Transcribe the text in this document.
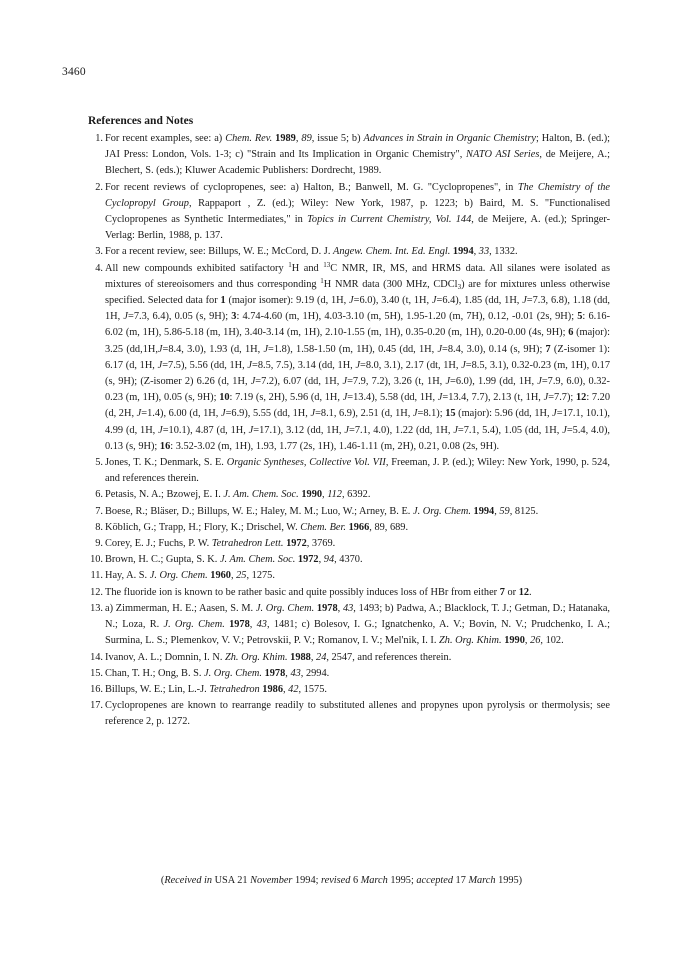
3460
References and Notes
1. For recent examples, see: a) Chem. Rev. 1989, 89, issue 5; b) Advances in Strain in Organic Chemistry; Halton, B. (ed.); JAI Press: London, Vols. 1-3; c) "Strain and Its Implication in Organic Chemistry", NATO ASI Series, de Meijere, A.; Blechert, S. (eds.); Kluwer Academic Publishers: Dordrecht, 1989.
2. For recent reviews of cyclopropenes, see: a) Halton, B.; Banwell, M. G. "Cyclopropenes", in The Chemistry of the Cyclopropyl Group, Rappaport , Z. (ed.); Wiley: New York, 1987, p. 1223; b) Baird, M. S. "Functionalised Cyclopropenes as Synthetic Intermediates," in Topics in Current Chemistry, Vol. 144, de Meijere, A. (ed.); Springer-Verlag: Berlin, 1988, p. 137.
3. For a recent review, see: Billups, W. E.; McCord, D. J. Angew. Chem. Int. Ed. Engl. 1994, 33, 1332.
4. All new compounds exhibited satifactory $^1$H and $^{13}$C NMR, IR, MS, and HRMS data. All silanes were isolated as mixtures of stereoisomers and thus corresponding $^1$H NMR data (300 MHz, CDCl$_3$) are for mixtures unless otherwise specified. Selected data for 1 (major isomer): 9.19 (d, 1H, J=6.0), 3.40 (t, 1H, J=6.4), 1.85 (dd, 1H, J=7.3, 6.8), 1.18 (dd, 1H, J=7.3, 6.4), 0.05 (s, 9H); 3: 4.74-4.60 (m, 1H), 4.03-3.10 (m, 5H), 1.95-1.20 (m, 7H), 0.12, -0.01 (2s, 9H); 5: 6.16-6.02 (m, 1H), 5.86-5.18 (m, 1H), 3.40-3.14 (m, 1H), 2.10-1.55 (m, 1H), 0.35-0.20 (m, 1H), 0.20-0.00 (4s, 9H); 6 (major): 3.25 (dd,1H,J=8.4, 3.0), 1.93 (d, 1H, J=1.8), 1.58-1.50 (m, 1H), 0.45 (dd, 1H, J=8.4, 3.0), 0.14 (s, 9H); 7 (Z-isomer 1): 6.17 (d, 1H, J=7.5), 5.56 (dd, 1H, J=8.5, 7.5), 3.14 (dd, 1H, J=8.0, 3.1), 2.17 (dt, 1H, J=8.5, 3.1), 0.32-0.23 (m, 1H), 0.17 (s, 9H); (Z-isomer 2) 6.26 (d, 1H, J=7.2), 6.07 (dd, 1H, J=7.9, 7.2), 3.26 (t, 1H, J=6.0), 1.99 (dd, 1H, J=7.9, 6.0), 0.32-0.23 (m, 1H), 0.05 (s, 9H); 10: 7.19 (s, 2H), 5.96 (d, 1H, J=13.4), 5.58 (dd, 1H, J=13.4, 7.7), 2.13 (t, 1H, J=7.7); 12: 7.20 (d, 2H, J=1.4), 6.00 (d, 1H, J=6.9), 5.55 (dd, 1H, J=8.1, 6.9), 2.51 (d, 1H, J=8.1); 15 (major): 5.96 (dd, 1H, J=17.1, 10.1), 4.99 (d, 1H, J=10.1), 4.87 (d, 1H, J=17.1), 3.12 (dd, 1H, J=7.1, 4.0), 1.22 (dd, 1H, J=7.1, 5.4), 1.05 (dd, 1H, J=5.4, 4.0), 0.13 (s, 9H); 16: 3.52-3.02 (m, 1H), 1.93, 1.77 (2s, 1H), 1.46-1.11 (m, 2H), 0.21, 0.08 (2s, 9H).
5. Jones, T. K.; Denmark, S. E. Organic Syntheses, Collective Vol. VII, Freeman, J. P. (ed.); Wiley: New York, 1990, p. 524, and references therein.
6. Petasis, N. A.; Bzowej, E. I. J. Am. Chem. Soc. 1990, 112, 6392.
7. Boese, R.; Bläser, D.; Billups, W. E.; Haley, M. M.; Luo, W.; Arney, B. E. J. Org. Chem. 1994, 59, 8125.
8. Köblich, G.; Trapp, H.; Flory, K.; Drischel, W. Chem. Ber. 1966, 89, 689.
9. Corey, E. J.; Fuchs, P. W. Tetrahedron Lett. 1972, 3769.
10. Brown, H. C.; Gupta, S. K. J. Am. Chem. Soc. 1972, 94, 4370.
11. Hay, A. S. J. Org. Chem. 1960, 25, 1275.
12. The fluoride ion is known to be rather basic and quite possibly induces loss of HBr from either 7 or 12.
13. a) Zimmerman, H. E.; Aasen, S. M. J. Org. Chem. 1978, 43, 1493; b) Padwa, A.; Blacklock, T. J.; Getman, D.; Hatanaka, N.; Loza, R. J. Org. Chem. 1978, 43, 1481; c) Bolesov, I. G.; Ignatchenko, A. V.; Bovin, N. V.; Prudchenko, I. A.; Surmina, L. S.; Plemenkov, V. V.; Petrovskii, P. V.; Romanov, I. V.; Mel'nik, I. I. Zh. Org. Khim. 1990, 26, 102.
14. Ivanov, A. L.; Domnin, I. N. Zh. Org. Khim. 1988, 24, 2547, and references therein.
15. Chan, T. H.; Ong, B. S. J. Org. Chem. 1978, 43, 2994.
16. Billups, W. E.; Lin, L.-J. Tetrahedron 1986, 42, 1575.
17. Cyclopropenes are known to rearrange readily to substituted allenes and propynes upon pyrolysis or thermolysis; see reference 2, p. 1272.
(Received in USA 21 November 1994; revised 6 March 1995; accepted 17 March 1995)
